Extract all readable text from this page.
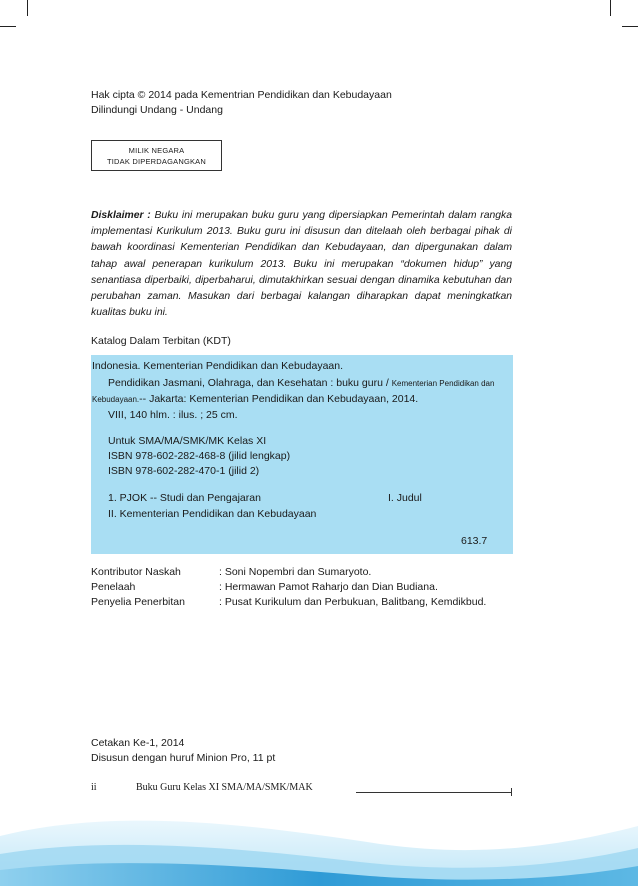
Hak cipta © 2014 pada Kementrian Pendidikan dan Kebudayaan
Dilindungi Undang - Undang
MILIK NEGARA
TIDAK DIPERDAGANGKAN
Disklaimer : Buku ini merupakan buku guru yang dipersiapkan Pemerintah dalam rangka implementasi Kurikulum 2013. Buku guru ini disusun dan ditelaah oleh berbagai pihak di bawah koordinasi Kementerian Pendidikan dan Kebudayaan, dan dipergunakan dalam tahap awal penerapan kurikulum 2013. Buku ini merupakan “dokumen hidup” yang senantiasa diperbaiki, diperbaharui, dimutakhirkan sesuai dengan dinamika kebutuhan dan perubahan zaman. Masukan dari berbagai kalangan diharapkan dapat meningkatkan kualitas buku ini.
Katalog Dalam Terbitan (KDT)
Indonesia. Kementerian Pendidikan dan Kebudayaan.
Pendidikan Jasmani, Olahraga, dan Kesehatan : buku guru / Kementerian Pendidikan dan
Kebudayaan.-- Jakarta: Kementerian Pendidikan dan Kebudayaan, 2014.
VIII, 140 hlm. : ilus. ; 25 cm.
Untuk SMA/MA/SMK/MK Kelas XI
ISBN 978-602-282-468-8 (jilid lengkap)
ISBN 978-602-282-470-1 (jilid 2)
1. PJOK -- Studi dan Pengajaran	I. Judul
II. Kementerian Pendidikan dan Kebudayaan
613.7
Kontributor Naskah	: Soni Nopembri dan Sumaryoto.
Penelaah	: Hermawan Pamot Raharjo dan Dian Budiana.
Penyelia Penerbitan	: Pusat Kurikulum dan Perbukuan, Balitbang, Kemdikbud.
Cetakan Ke-1, 2014
Disusun dengan huruf Minion Pro, 11 pt
ii	Buku Guru Kelas XI SMA/MA/SMK/MAK
